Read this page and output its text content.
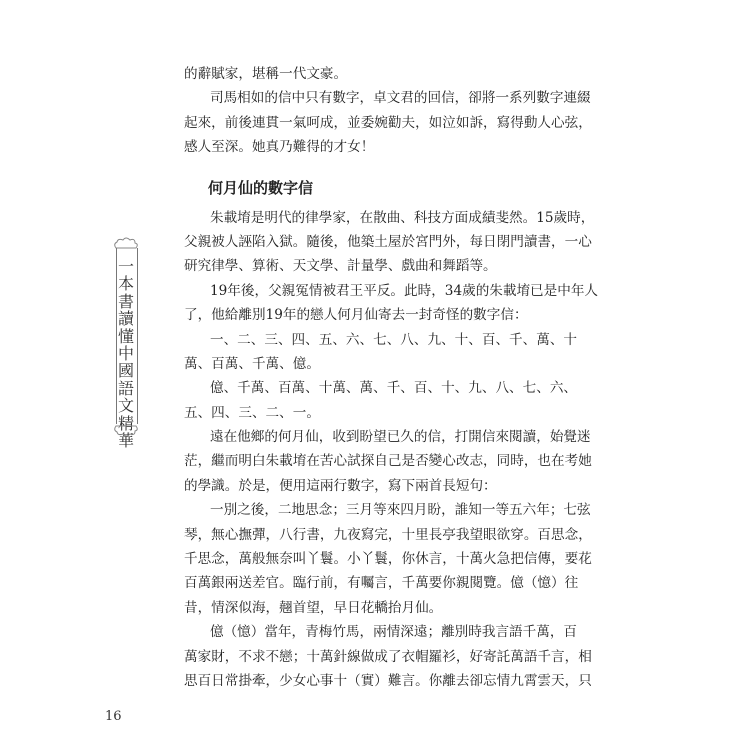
的辭賦家，堪稱一代文豪。
司馬相如的信中只有數字，卓文君的回信，卻將一系列數字連綴
起來，前後連貫一氣呵成，並委婉勸夫，如泣如訴，寫得動人心弦，
感人至深。她真乃難得的才女！
何月仙的數字信
朱載堉是明代的律學家，在散曲、科技方面成績斐然。15歲時，
父親被人誣陷入獄。隨後，他築土屋於宮門外，每日閉門讀書，一心
研究律學、算術、天文學、計量學、戲曲和舞蹈等。
19年後，父親冤情被君王平反。此時，34歲的朱載堉已是中年人
了，他給離別19年的戀人何月仙寄去一封奇怪的數字信：
一、二、三、四、五、六、七、八、九、十、百、千、萬、十
萬、百萬、千萬、億。
億、千萬、百萬、十萬、萬、千、百、十、九、八、七、六、
五、四、三、二、一。
遠在他鄉的何月仙，收到盼望已久的信，打開信來閱讀，始覺迷
茫，繼而明白朱載堉在苦心試探自己是否變心改志，同時，也在考她
的學識。於是，便用這兩行數字，寫下兩首長短句：
一別之後，二地思念；三月等來四月盼，誰知一等五六年；七弦
琴，無心撫彈，八行書，九夜寫完，十里長亭我望眼欲穿。百思念，
千思念，萬般無奈叫丫鬟。小丫鬟，你休言，十萬火急把信傳，要花
百萬銀兩送差官。臨行前，有囑言，千萬要你親閱覽。億（憶）往
昔，情深似海，翹首望，早日花轎抬月仙。
億（憶）當年，青梅竹馬，兩情深遠；離別時我言語千萬，百
萬家財，不求不戀；十萬針線做成了衣帽羅衫，好寄託萬語千言，相
思百日常掛牽，少女心事十（實）難言。你離去卻忘情九霄雲天，只
一本書讀懂中國語文精華
16
